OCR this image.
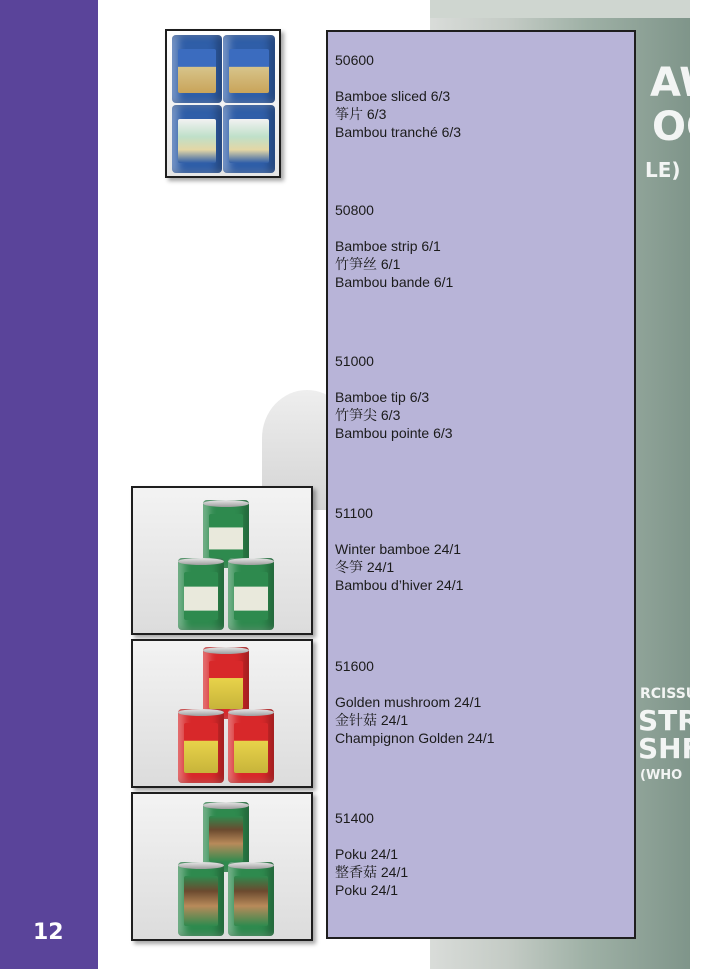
AW
OC
LE)
RCISSU
STR
SHF
(WHO
12
50600
Bamboe sliced 6/3
筝片 6/3
Bambou tranché 6/3
50800
Bamboe strip 6/1
竹笋丝 6/1
Bambou bande 6/1
51000
Bamboe tip 6/3
竹笋尖 6/3
Bambou pointe 6/3
51100
Winter bamboe 24/1
冬笋 24/1
Bambou d’hiver 24/1
51600
Golden mushroom 24/1
金针菇 24/1
Champignon Golden 24/1
51400
Poku 24/1
整香菇 24/1
Poku 24/1
